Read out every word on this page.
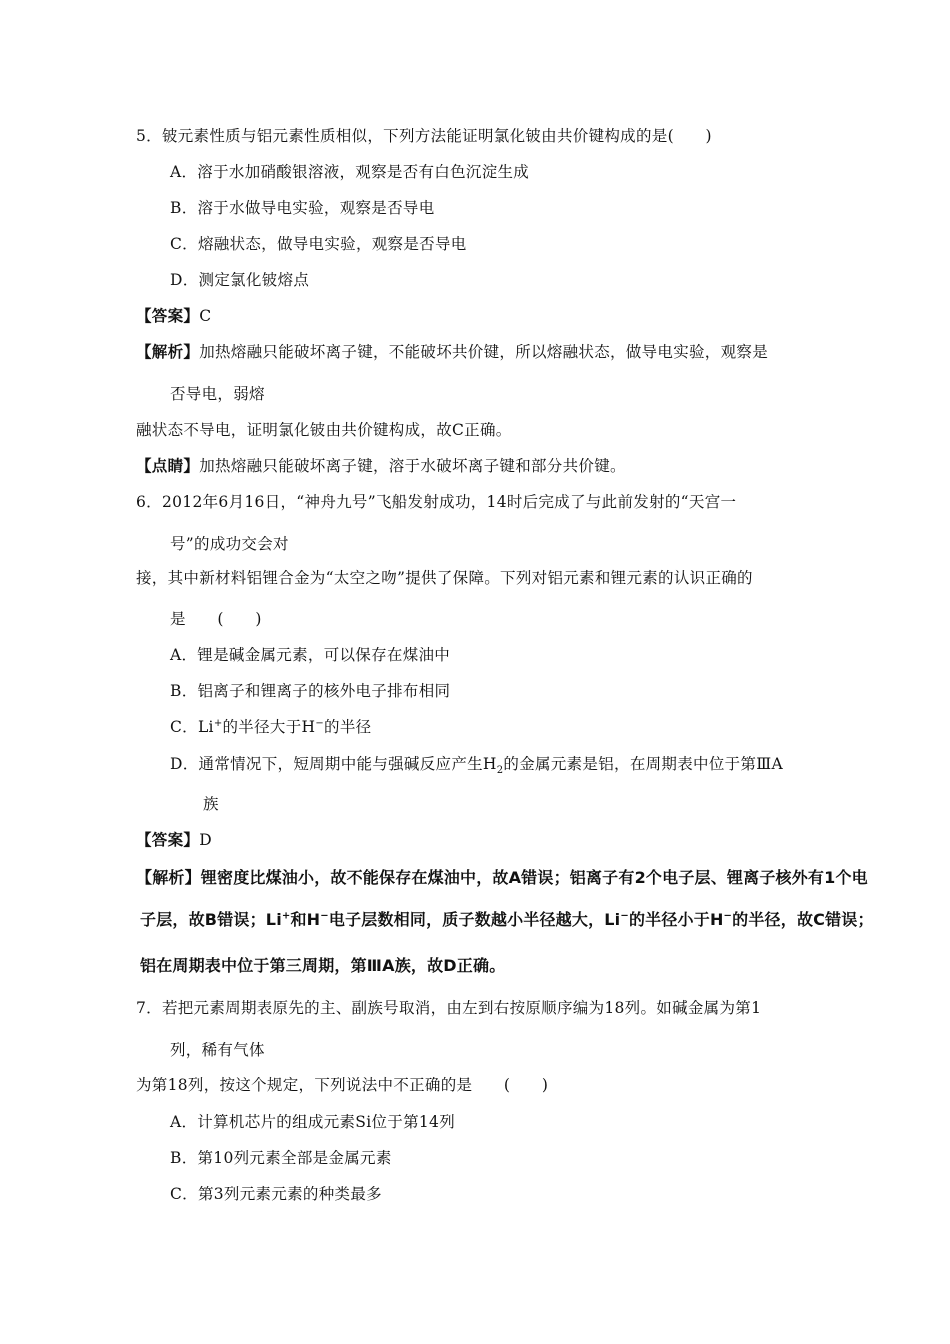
5．铍元素性质与铝元素性质相似，下列方法能证明氯化铍由共价键构成的是(　　)
A．溶于水加硝酸银溶液，观察是否有白色沉淀生成
B．溶于水做导电实验，观察是否导电
C．熔融状态，做导电实验，观察是否导电
D．测定氯化铍熔点
【答案】C
【解析】加热熔融只能破坏离子键，不能破坏共价键，所以熔融状态，做导电实验，观察是
否导电，弱熔
融状态不导电，证明氯化铍由共价键构成，故C正确。
【点睛】加热熔融只能破坏离子键，溶于水破坏离子键和部分共价键。
6．2012年6月16日，“神舟九号”飞船发射成功，14时后完成了与此前发射的“天宫一
号”的成功交会对
接，其中新材料铝锂合金为“太空之吻”提供了保障。下列对铝元素和锂元素的认识正确的
是　　(　　)
A．锂是碱金属元素，可以保存在煤油中
B．铝离子和锂离子的核外电子排布相同
C．Li+的半径大于H−的半径
D．通常情况下，短周期中能与强碱反应产生$H_2$的金属元素是铝，在周期表中位于第ⅢA
族
【答案】D
【解析】锂密度比煤油小，故不能保存在煤油中，故A错误；铝离子有2个电子层、锂离子核外有1个电
子层，故B错误；Li+和H−电子层数相同，质子数越小半径越大，Li−的半径小于H−的半径，故C错误；
铝在周期表中位于第三周期，第ⅢA族，故D正确。
7．若把元素周期表原先的主、副族号取消，由左到右按原顺序编为18列。如碱金属为第1
列，稀有气体
为第18列，按这个规定，下列说法中不正确的是　　(　　)
A．计算机芯片的组成元素Si位于第14列
B．第10列元素全部是金属元素
C．第3列元素元素的种类最多
